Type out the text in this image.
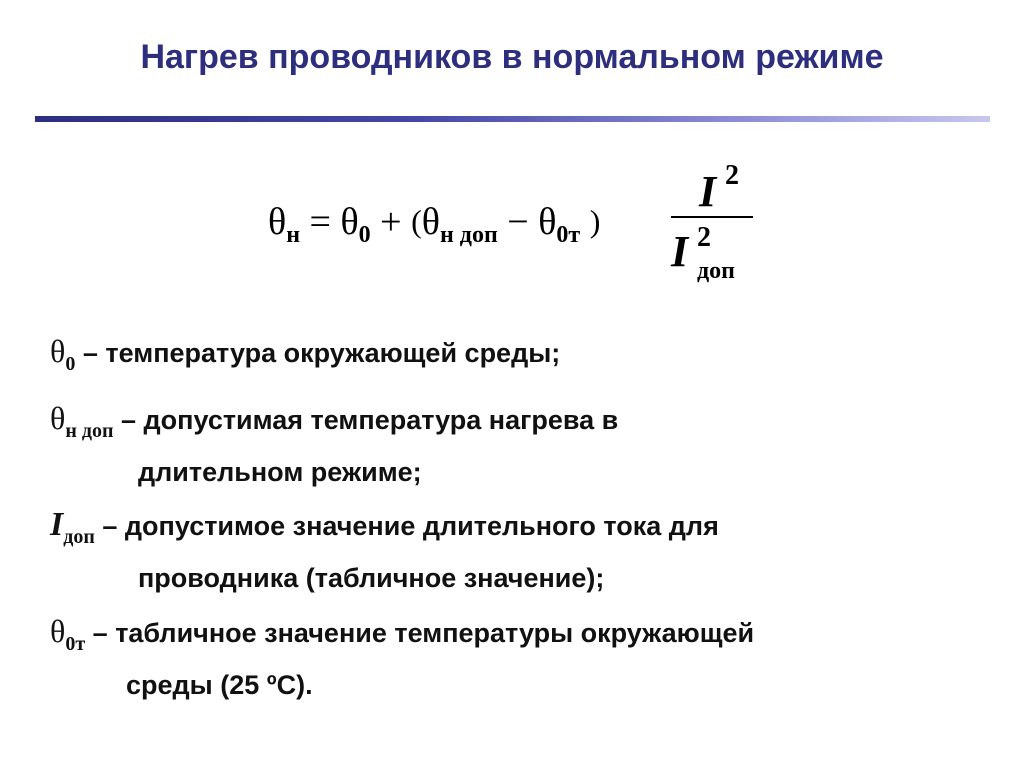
Нагрев проводников в нормальном режиме
$\theta_н = \theta_0 + (\theta_{н доп} - \theta_{0т}$ )
I 2
I 2
доп
$\theta_0$ – температура окружающей среды;
$\theta_{н доп}$ – допустимая температура нагрева в
длительном режиме;
$I_{доп}$ – допустимое значение длительного тока для
проводника (табличное значение);
$\theta_{0т}$ – табличное значение температуры окружающей
среды (25 ºС).
